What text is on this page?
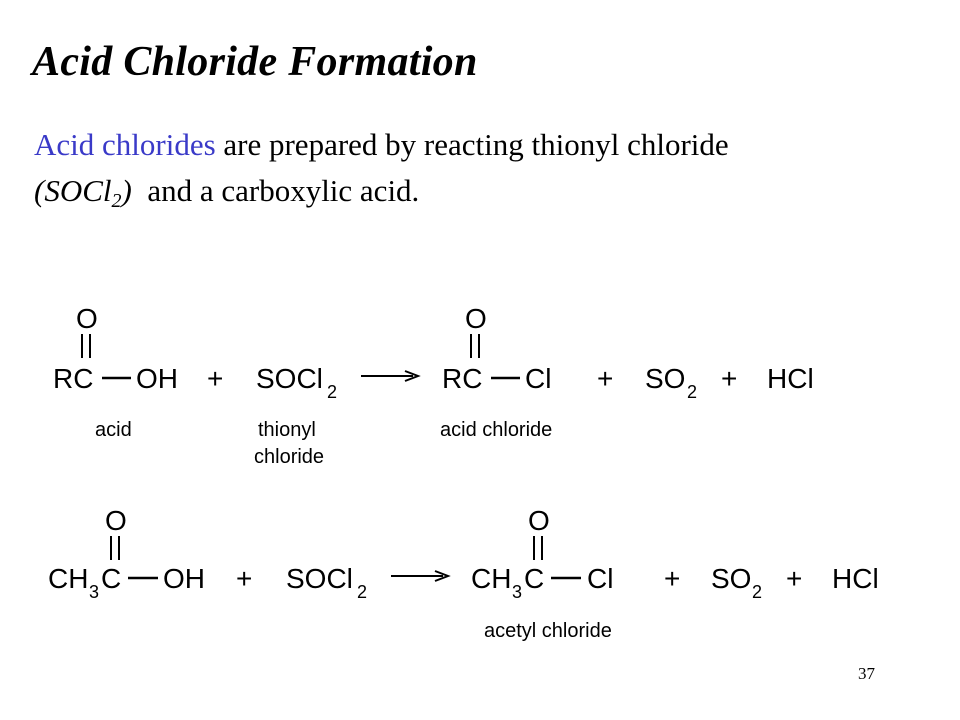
Acid Chloride Formation
Acid chlorides are prepared by reacting thionyl chloride
(SOCl$_2$) and a carboxylic acid.
O
RC OH + SOCl 2
O
RC Cl + SO 2 + HCl
acid	thionyl
chloride
acid chloride
O
CH 3 C OH + SOCl 2
O
CH 3 C Cl + SO 2 + HCl
acetyl chloride
37
